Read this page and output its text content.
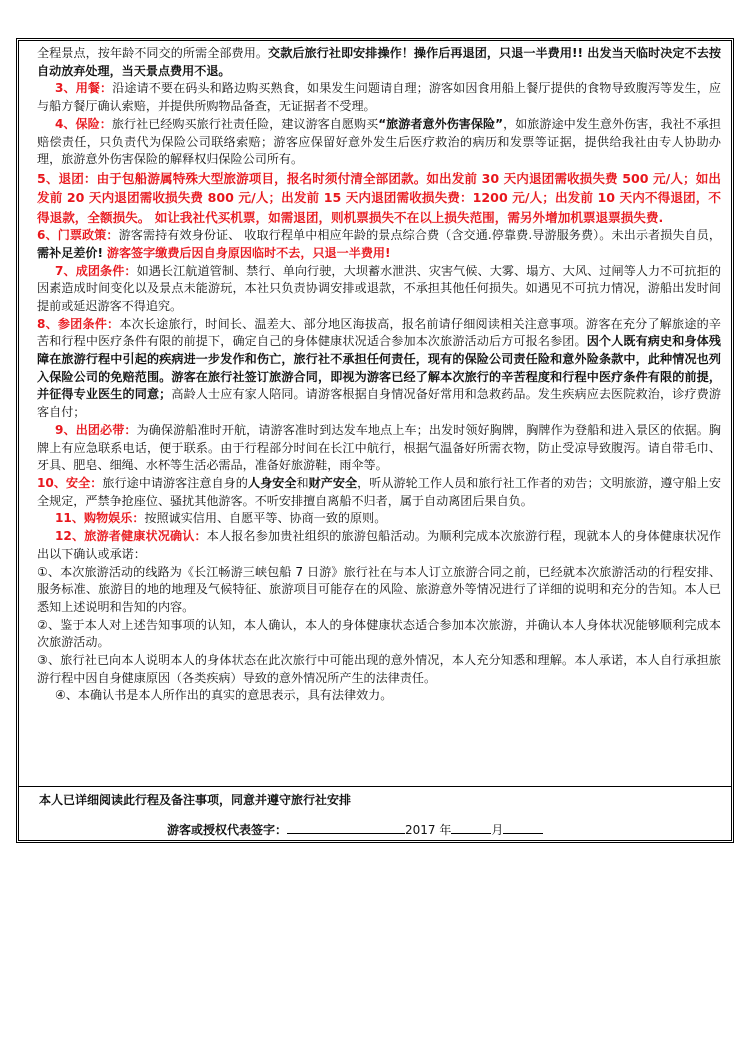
全程景点，按年龄不同交的所需全部费用。交款后旅行社即安排操作！操作后再退团，只退一半费用!! 出发当天临时决定不去按自动放弃处理，当天景点费用不退。

3、用餐：沿途请不要在码头和路边购买熟食，如果发生问题请自理；游客如因食用船上餐厅提供的食物导致腹泻等发生，应与船方餐厅确认索赔，并提供所购物品备查，无证据者不受理。

4、保险：旅行社已经购买旅行社责任险，建议游客自愿购买“旅游者意外伤害保险”，如旅游途中发生意外伤害，我社不承担赔偿责任，只负责代为保险公司联络索赔；游客应保留好意外发生后医疗救治的病历和发票等证据，提供给我社由专人协助办理，旅游意外伤害保险的解释权归保险公司所有。

5、退团：由于包船游属特殊大型旅游项目，报名时须付清全部团款。如出发前 30 天内退团需收损失费 500 元/人；如出发前 20 天内退团需收损失费 800 元/人；出发前 15 天内退团需收损失费：1200 元/人；出发前 10 天内不得退团，不得退款，全额损失。 如让我社代买机票，如需退团，则机票损失不在以上损失范围，需另外增加机票退票损失费.

6、门票政策：游客需持有效身份证、 收取行程单中相应年龄的景点综合费（含交通.停靠费.导游服务费）。未出示者损失自员，需补足差价! 游客签字缴费后因自身原因临时不去，只退一半费用!

7、成团条件：如遇长江航道管制、禁行、单向行驶，大坝蓄水泄洪、灾害气候、大雾、塌方、大风、过闸等人力不可抗拒的因素造成时间变化以及景点未能游玩，本社只负责协调安排或退款，不承担其他任何损失。如遇见不可抗力情况，游船出发时间提前或延迟游客不得追究。

8、参团条件：本次长途旅行，时间长、温差大、部分地区海拔高，报名前请仔细阅读相关注意事项。游客在充分了解旅途的辛苦和行程中医疗条件有限的前提下，确定自己的身体健康状况适合参加本次旅游活动后方可报名参团。因个人既有病史和身体残障在旅游行程中引起的疾病进一步发作和伤亡，旅行社不承担任何责任，现有的保险公司责任险和意外险条款中，此种情况也列入保险公司的免赔范围。游客在旅行社签订旅游合同，即视为游客已经了解本次旅行的辛苦程度和行程中医疗条件有限的前提，并征得专业医生的同意；高龄人士应有家人陪同。请游客根据自身情况备好常用和急救药品。发生疾病应去医院救治，诊疗费游客自付；

9、出团必带：为确保游船准时开航，请游客准时到达发车地点上车；出发时领好胸牌，胸牌作为登船和进入景区的依据。胸牌上有应急联系电话，便于联系。由于行程部分时间在长江中航行，根据气温备好所需衣物，防止受凉导致腹泻。请自带毛巾、牙具、肥皂、细绳、水杯等生活必需品，准备好旅游鞋，雨伞等。

10、安全：旅行途中请游客注意自身的人身安全和财产安全，听从游轮工作人员和旅行社工作者的劝告；文明旅游，遵守船上安全规定，严禁争抢座位、骚扰其他游客。不听安排擅自离船不归者，属于自动离团后果自负。

11、购物娱乐：按照诚实信用、自愿平等、协商一致的原则。

12、旅游者健康状况确认：本人报名参加贵社组织的旅游包船活动。为顺利完成本次旅游行程，现就本人的身体健康状况作出以下确认或承诺：

①、本次旅游活动的线路为《长江畅游三峡包船 7 日游》旅行社在与本人订立旅游合同之前，已经就本次旅游活动的行程安排、服务标准、旅游目的地的地理及气候特征、旅游项目可能存在的风险、旅游意外等情况进行了详细的说明和充分的告知。本人已悉知上述说明和告知的内容。

②、鉴于本人对上述告知事项的认知，本人确认，本人的身体健康状态适合参加本次旅游，并确认本人身体状况能够顺利完成本次旅游活动。

③、旅行社已向本人说明本人的身体状态在此次旅行中可能出现的意外情况，本人充分知悉和理解。本人承诺，本人自行承担旅游行程中因自身健康原因（各类疾病）导致的意外情况所产生的法律责任。

④、本确认书是本人所作出的真实的意思表示，具有法律效力。

本人已详细阅读此行程及备注事项，同意并遵守旅行社安排
游客或授权代表签字：	2017 年	月
